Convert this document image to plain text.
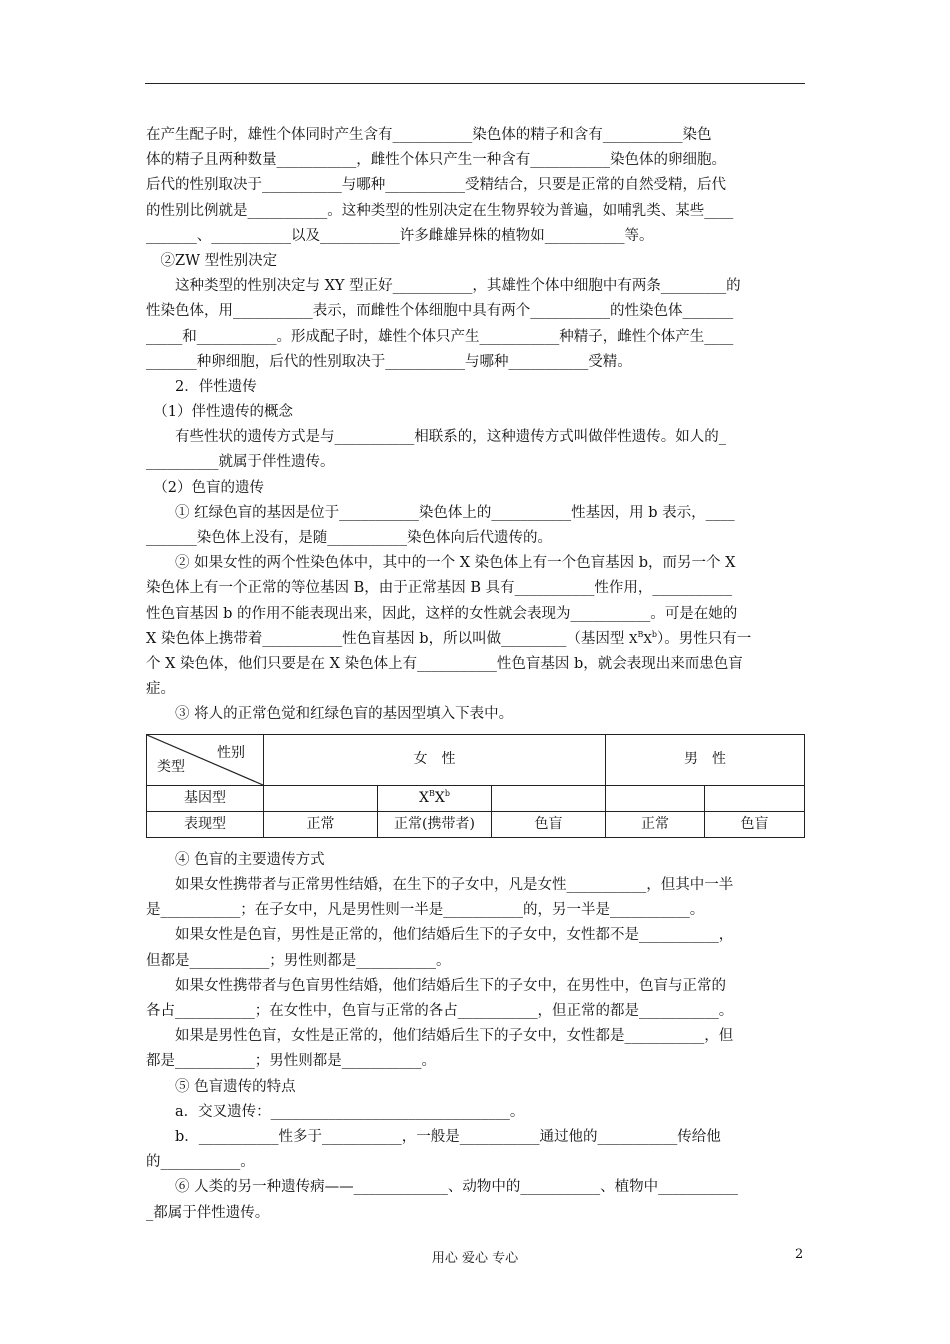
在产生配子时，雄性个体同时产生含有___________染色体的精子和含有___________染色
体的精子且两种数量___________，雌性个体只产生一种含有___________染色体的卵细胞。
后代的性别取决于___________与哪种___________受精结合，只要是正常的自然受精，后代
的性别比例就是___________。这种类型的性别决定在生物界较为普遍，如哺乳类、某些____
_______、___________以及___________许多雌雄异株的植物如___________等。
　②ZW 型性别决定
　　这种类型的性别决定与 XY 型正好___________，其雄性个体中细胞中有两条_________的
性染色体，用___________表示，而雌性个体细胞中具有两个___________的性染色体_______
_____和___________。形成配子时，雄性个体只产生___________种精子，雌性个体产生____
_______种卵细胞，后代的性别取决于___________与哪种___________受精。
　　2．伴性遗传
　（1）伴性遗传的概念
　　有些性状的遗传方式是与___________相联系的，这种遗传方式叫做伴性遗传。如人的_
__________就属于伴性遗传。
　（2）色盲的遗传
　　① 红绿色盲的基因是位于___________染色体上的___________性基因，用 b 表示，____
_______染色体上没有，是随___________染色体向后代遗传的。
　　② 如果女性的两个性染色体中，其中的一个 X 染色体上有一个色盲基因 b，而另一个 X
染色体上有一个正常的等位基因 B，由于正常基因 B 具有___________性作用，___________
性色盲基因 b 的作用不能表现出来，因此，这样的女性就会表现为___________。可是在她的
X 染色体上携带着___________性色盲基因 b，所以叫做_________（基因型 $X^BX^b$）。男性只有一
个 X 染色体，他们只要是在 X 染色体上有___________性色盲基因 b，就会表现出来而患色盲
症。
　　③ 将人的正常色觉和红绿色盲的基因型填入下表中。
性别
类型	女　性			男　性	
基因型		$X^BX^b$			
表现型	正常	正常(携带者)	色盲	正常	色盲
　　④ 色盲的主要遗传方式
　　如果女性携带者与正常男性结婚，在生下的子女中，凡是女性___________，但其中一半
是___________；在子女中，凡是男性则一半是___________的，另一半是___________。
　　如果女性是色盲，男性是正常的，他们结婚后生下的子女中，女性都不是___________，
但都是___________；男性则都是___________。
　　如果女性携带者与色盲男性结婚，他们结婚后生下的子女中，在男性中，色盲与正常的
各占___________；在女性中，色盲与正常的各占___________，但正常的都是___________。
　　如果是男性色盲，女性是正常的，他们结婚后生下的子女中，女性都是___________，但
都是___________；男性则都是___________。
　　⑤ 色盲遗传的特点
　　a．交叉遗传：_________________________________。
　　b．___________性多于___________，一般是___________通过他的___________传给他
的___________。
　　⑥ 人类的另一种遗传病——_____________、动物中的___________、植物中___________
_都属于伴性遗传。
用心 爱心 专心	2
